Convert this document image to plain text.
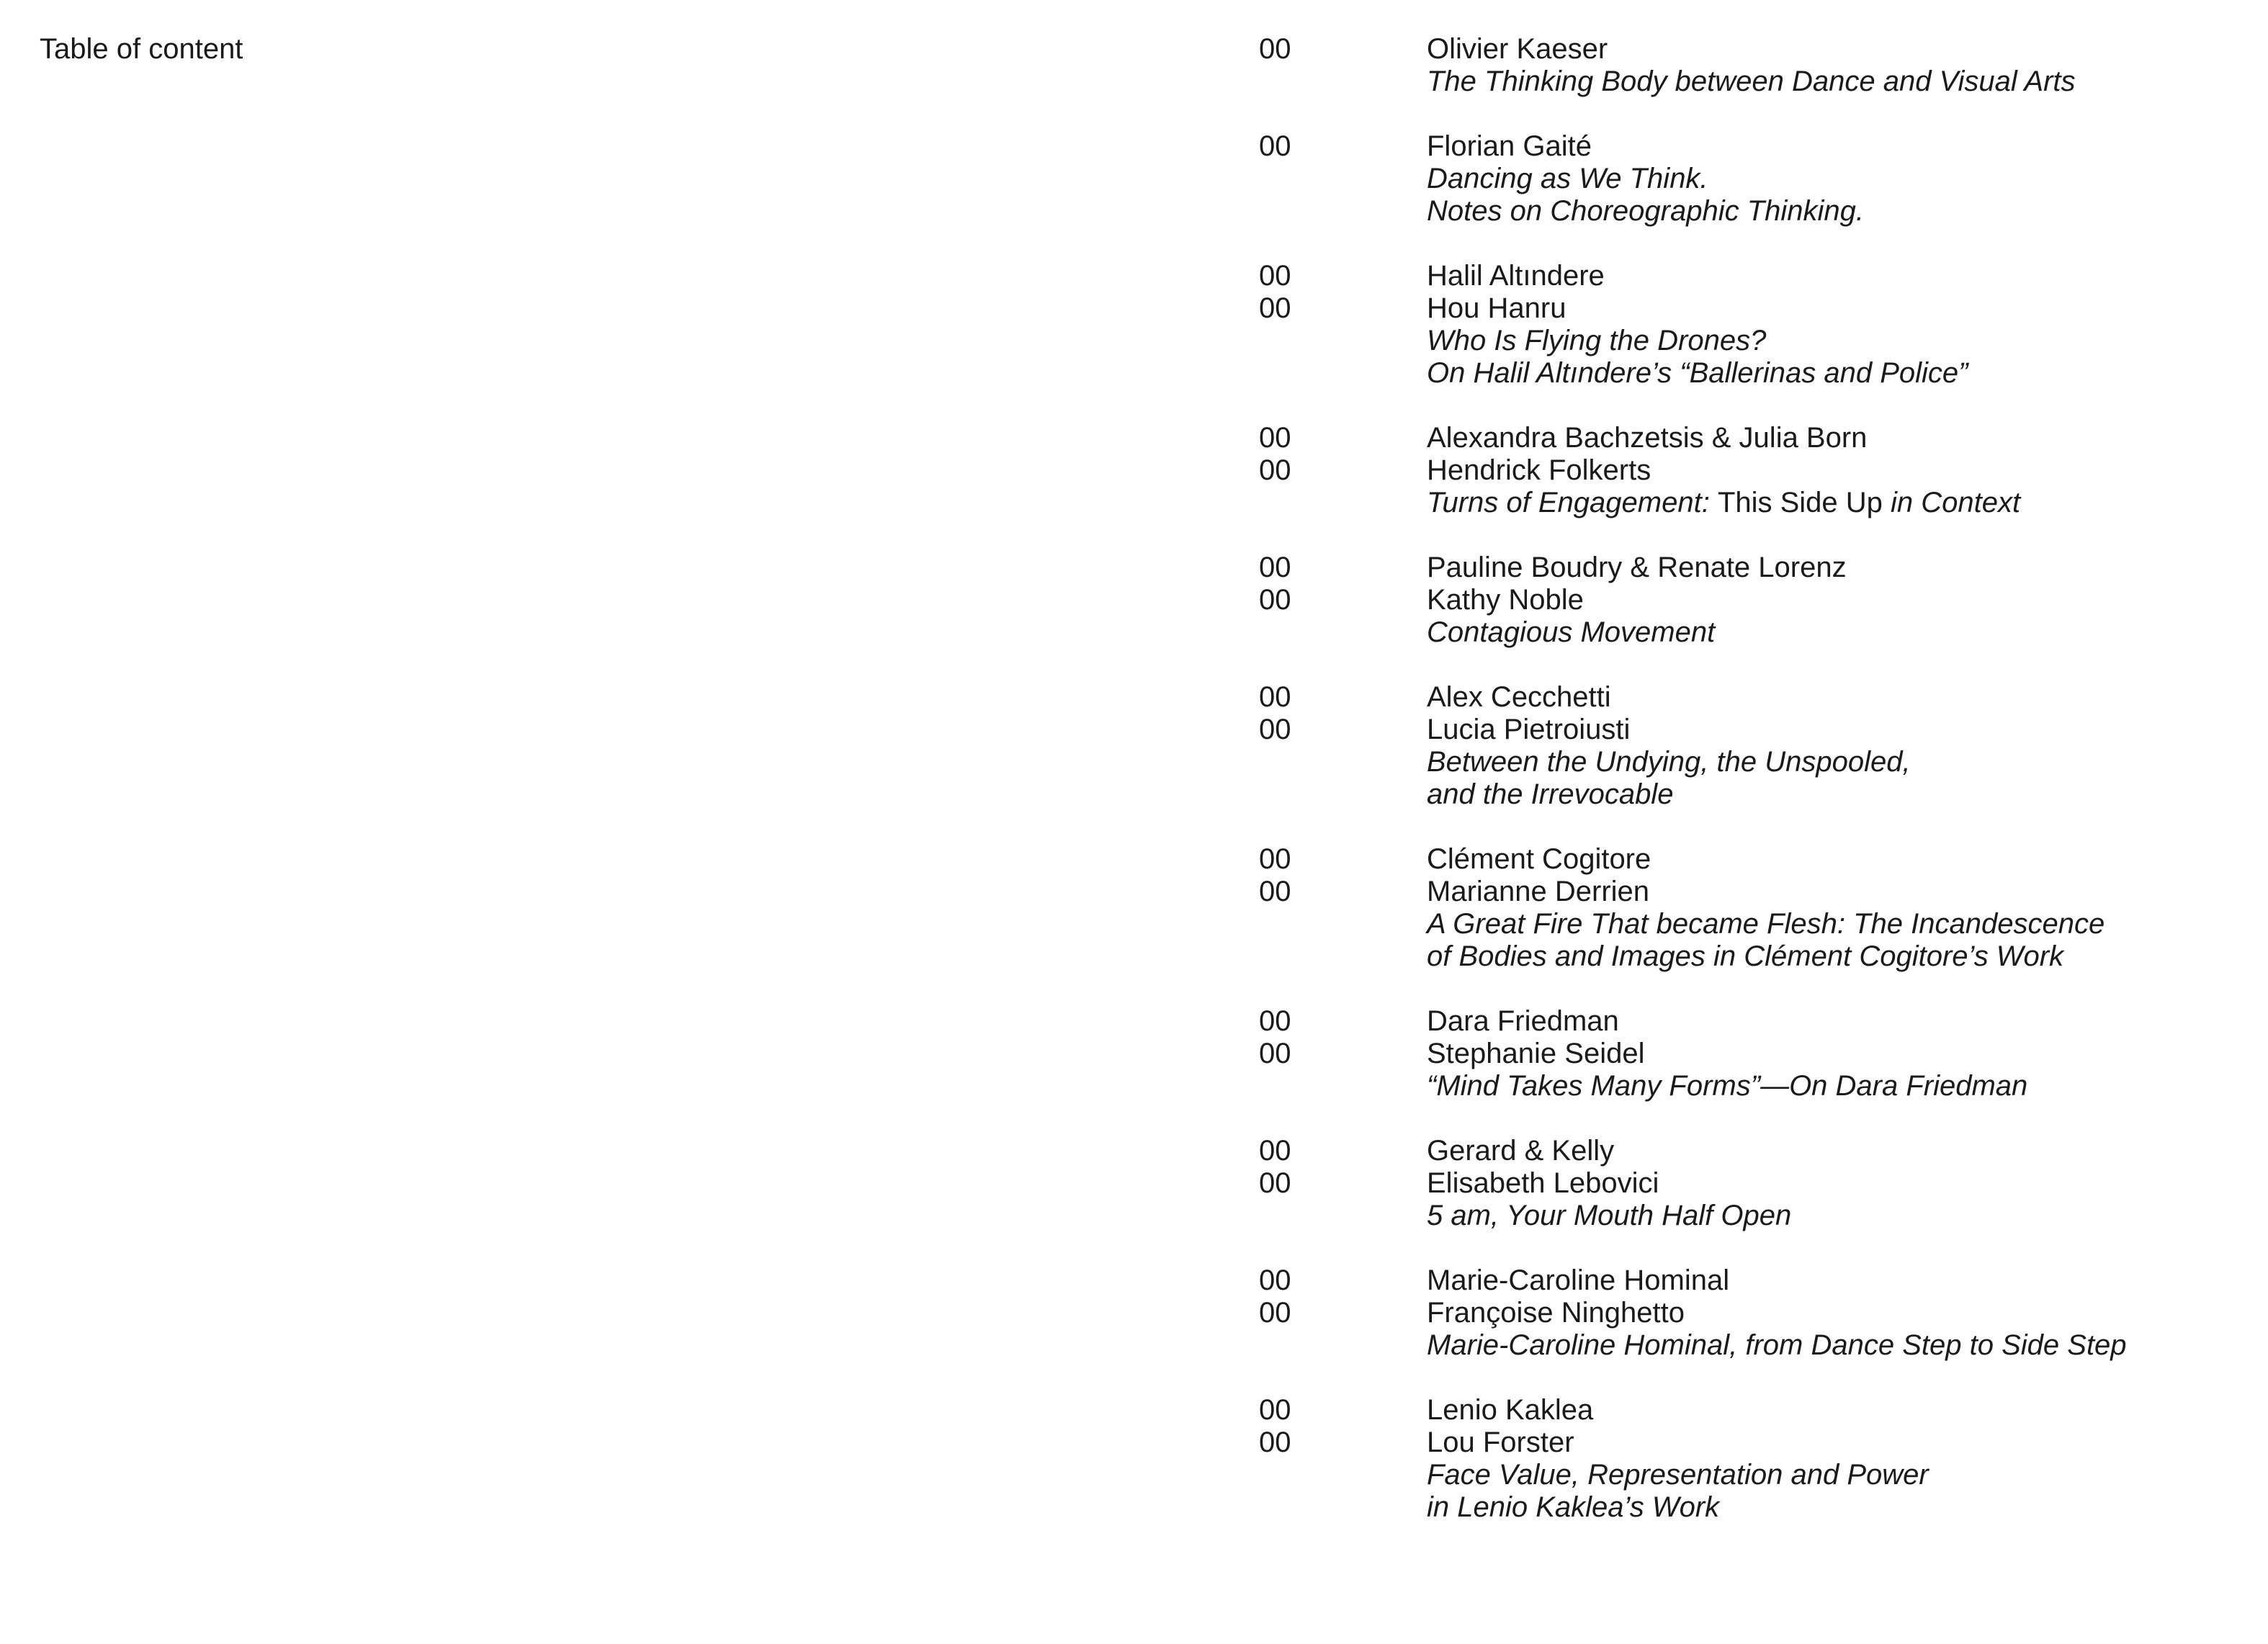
Table of content	00	Olivier Kaeser
The Thinking Body between Dance and Visual Arts
00	Florian Gaité
Dancing as We Think.
Notes on Choreographic Thinking.
00	Halil Altındere
00	Hou Hanru
Who Is Flying the Drones?
On Halil Altındere’s “Ballerinas and Police”
00	Alexandra Bachzetsis & Julia Born
00	Hendrick Folkerts
Turns of Engagement: This Side Up in Context
00	Pauline Boudry & Renate Lorenz
00	Kathy Noble
Contagious Movement
00	Alex Cecchetti
00	Lucia Pietroiusti
Between the Undying, the Unspooled,
and the Irrevocable
00	Clément Cogitore
00	Marianne Derrien
A Great Fire That became Flesh: The Incandescence
of Bodies and Images in Clément Cogitore’s Work
00	Dara Friedman
00	Stephanie Seidel
“Mind Takes Many Forms”—On Dara Friedman
00	Gerard & Kelly
00	Elisabeth Lebovici
5 am, Your Mouth Half Open
00	Marie-Caroline Hominal
00	Françoise Ninghetto
Marie-Caroline Hominal, from Dance Step to Side Step
00	Lenio Kaklea
00	Lou Forster
Face Value, Representation and Power
in Lenio Kaklea’s Work
